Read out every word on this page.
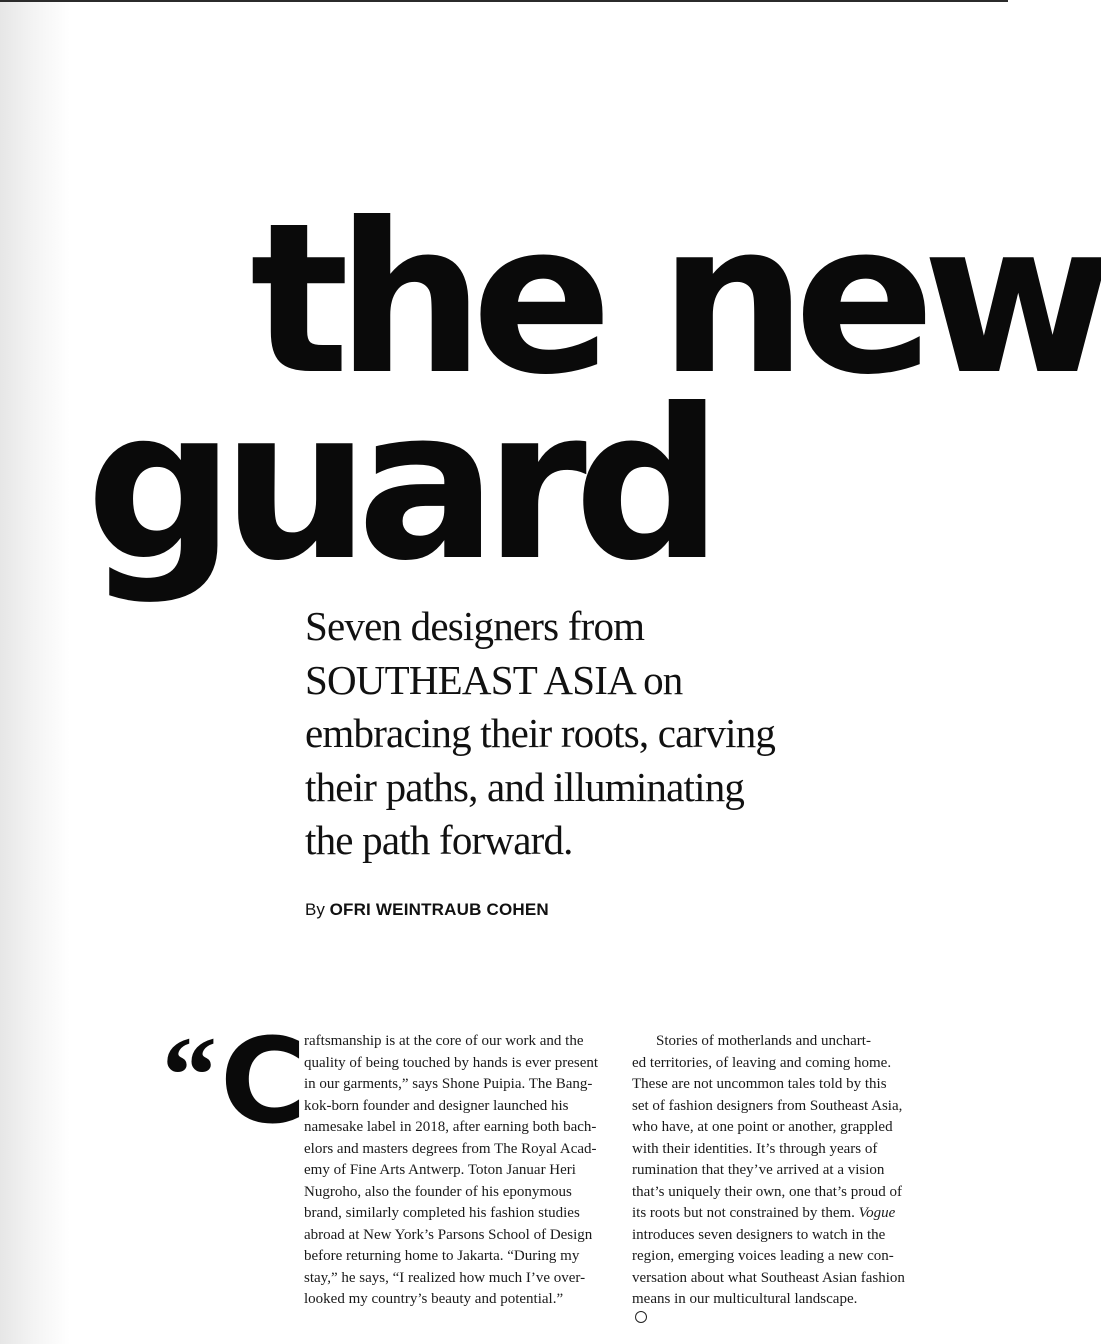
the new
guard
Seven designers from
SOUTHEAST ASIA on
embracing their roots, carving
their paths, and illuminating
the path forward.
By OFRI WEINTRAUB COHEN
“ C
raftsmanship is at the core of our work and the
quality of being touched by hands is ever present
in our garments,” says Shone Puipia. The Bang-
kok-born founder and designer launched his
namesake label in 2018, after earning both bach-
elors and masters degrees from The Royal Acad-
emy of Fine Arts Antwerp. Toton Januar Heri
Nugroho, also the founder of his eponymous
brand, similarly completed his fashion studies
abroad at New York’s Parsons School of Design
before returning home to Jakarta. “During my
stay,” he says, “I realized how much I’ve over-
looked my country’s beauty and potential.”
Stories of motherlands and unchart-
ed territories, of leaving and coming home.
These are not uncommon tales told by this
set of fashion designers from Southeast Asia,
who have, at one point or another, grappled
with their identities. It’s through years of
rumination that they’ve arrived at a vision
that’s uniquely their own, one that’s proud of
its roots but not constrained by them. Vogue
introduces seven designers to watch in the
region, emerging voices leading a new con-
versation about what Southeast Asian fashion
means in our multicultural landscape.
